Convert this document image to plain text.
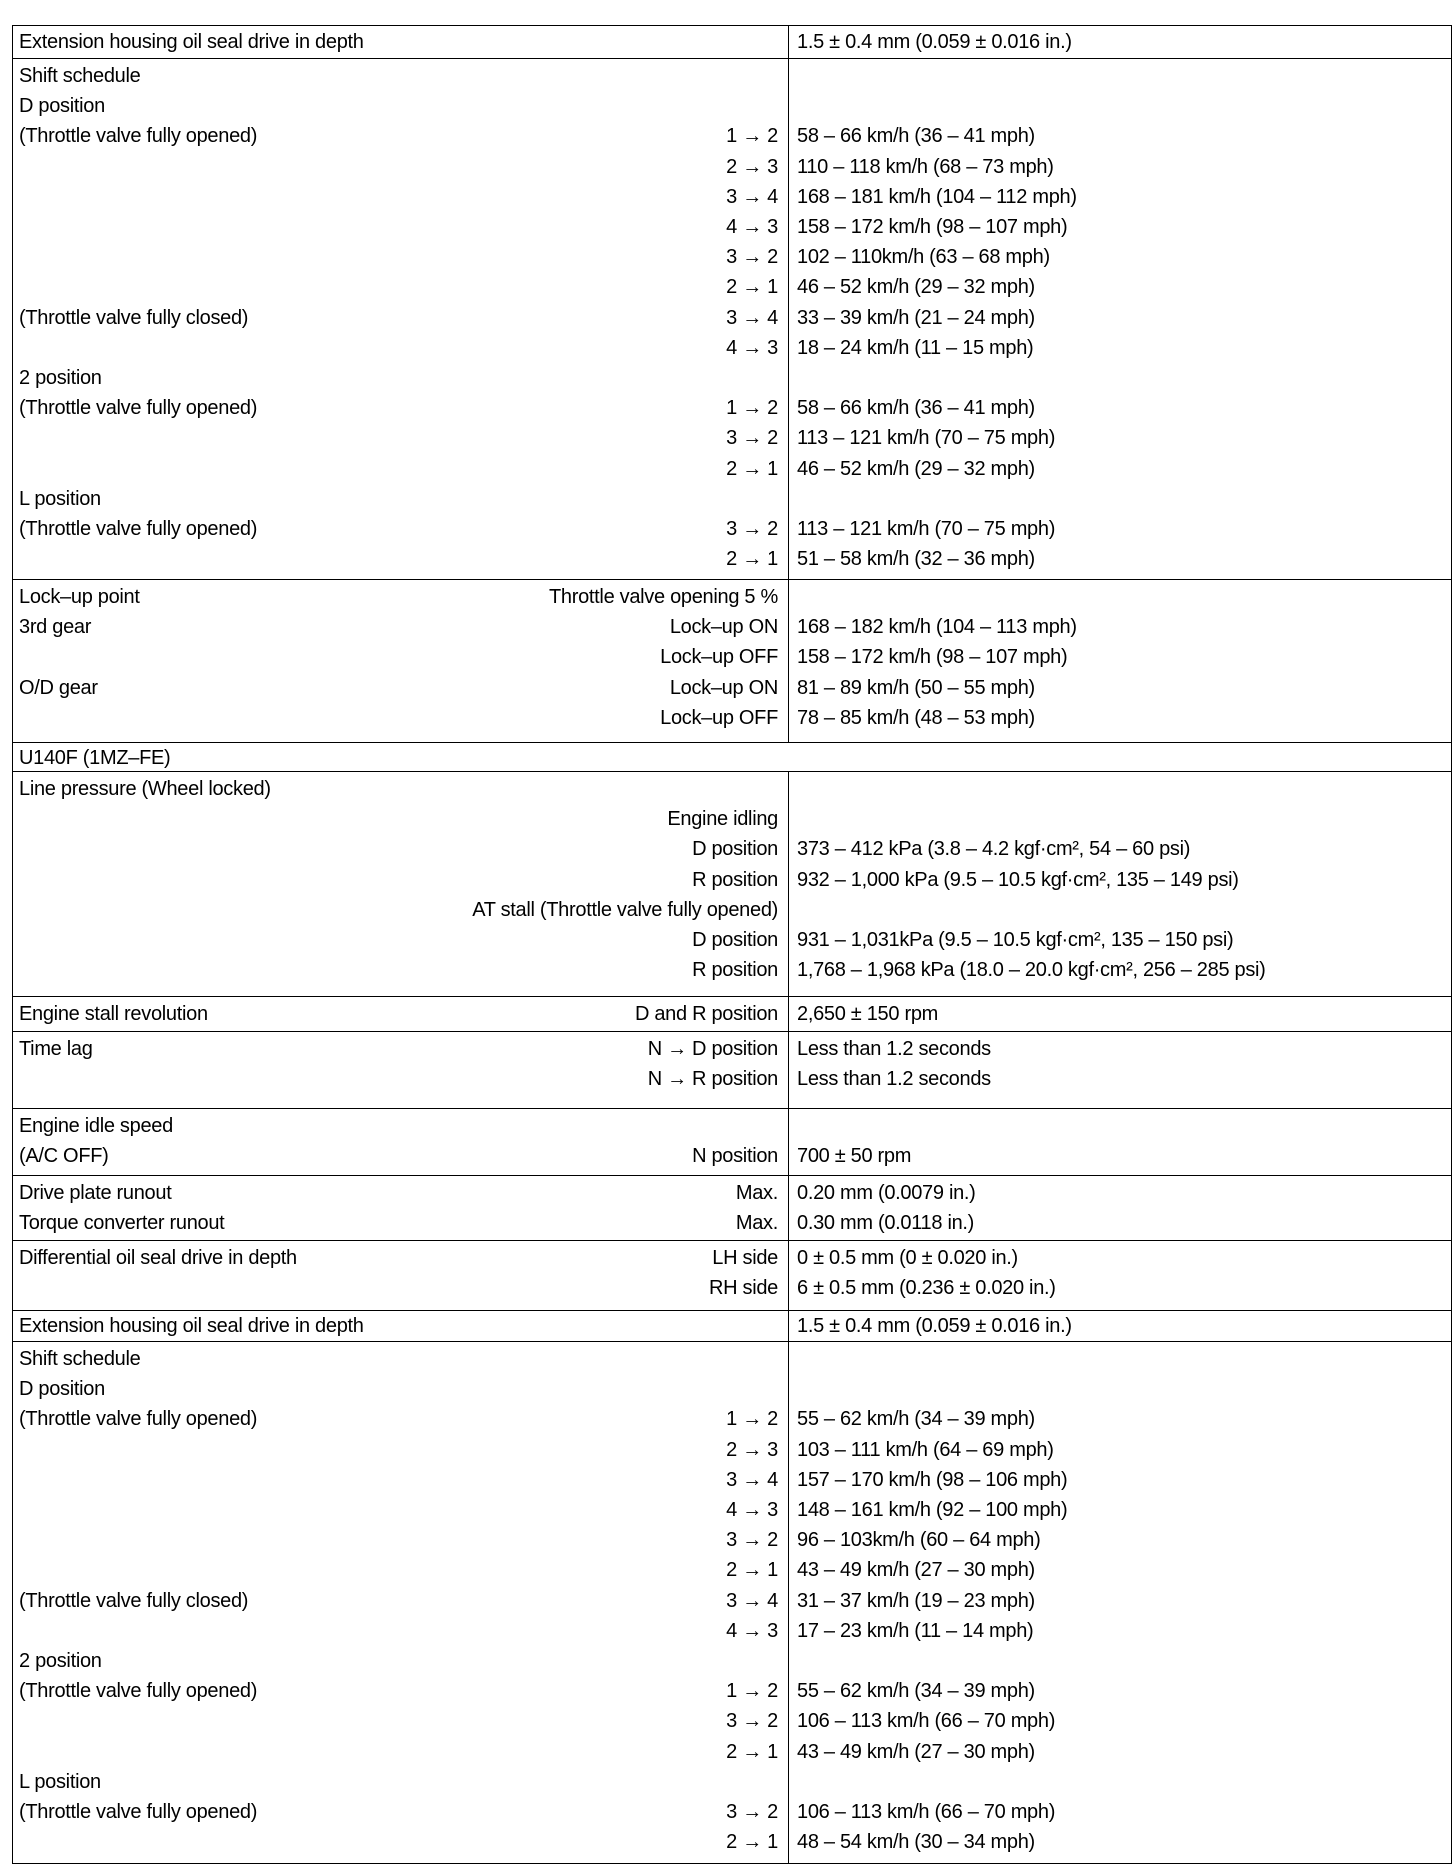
Extension housing oil seal drive in depth	1.5 ± 0.4 mm (0.059 ± 0.016 in.)
Shift schedule
D position
(Throttle valve fully opened)	1 → 2 58 – 66 km/h (36 – 41 mph)
2 → 3 110 – 118 km/h (68 – 73 mph)
3 → 4 168 – 181 km/h (104 – 112 mph)
4 → 3 158 – 172 km/h (98 – 107 mph)
3 → 2 102 – 110km/h (63 – 68 mph)
2 → 1 46 – 52 km/h (29 – 32 mph)
(Throttle valve fully closed)	3 → 4 33 – 39 km/h (21 – 24 mph)
4 → 3 18 – 24 km/h (11 – 15 mph)
2 position
(Throttle valve fully opened)	1 → 2 58 – 66 km/h (36 – 41 mph)
3 → 2 113 – 121 km/h (70 – 75 mph)
2 → 1 46 – 52 km/h (29 – 32 mph)
L position
(Throttle valve fully opened)	3 → 2 113 – 121 km/h (70 – 75 mph)
2 → 1 51 – 58 km/h (32 – 36 mph)
Lock–up point	Throttle valve opening 5 %
3rd gear	Lock–up ON 168 – 182 km/h (104 – 113 mph)
Lock–up OFF 158 – 172 km/h (98 – 107 mph)
O/D gear	Lock–up ON 81 – 89 km/h (50 – 55 mph)
Lock–up OFF 78 – 85 km/h (48 – 53 mph)
U140F (1MZ–FE)
Line pressure (Wheel locked)
Engine idling
D position 373 – 412 kPa (3.8 – 4.2 kgf·cm², 54 – 60 psi)
R position 932 – 1,000 kPa (9.5 – 10.5 kgf·cm², 135 – 149 psi)
AT stall (Throttle valve fully opened)
D position 931 – 1,031kPa (9.5 – 10.5 kgf·cm², 135 – 150 psi)
R position 1,768 – 1,968 kPa (18.0 – 20.0 kgf·cm², 256 – 285 psi)
Engine stall revolution	D and R position 2,650 ± 150 rpm
Time lag	N → D position Less than 1.2 seconds
N → R position Less than 1.2 seconds
Engine idle speed
(A/C OFF)	N position 700 ± 50 rpm
Drive plate runout	Max. 0.20 mm (0.0079 in.)
Torque converter runout	Max. 0.30 mm (0.0118 in.)
Differential oil seal drive in depth	LH side 0 ± 0.5 mm (0 ± 0.020 in.)
RH side 6 ± 0.5 mm (0.236 ± 0.020 in.)
Extension housing oil seal drive in depth	1.5 ± 0.4 mm (0.059 ± 0.016 in.)
Shift schedule
D position
(Throttle valve fully opened)	1 → 2 55 – 62 km/h (34 – 39 mph)
2 → 3 103 – 111 km/h (64 – 69 mph)
3 → 4 157 – 170 km/h (98 – 106 mph)
4 → 3 148 – 161 km/h (92 – 100 mph)
3 → 2 96 – 103km/h (60 – 64 mph)
2 → 1 43 – 49 km/h (27 – 30 mph)
(Throttle valve fully closed)	3 → 4 31 – 37 km/h (19 – 23 mph)
4 → 3 17 – 23 km/h (11 – 14 mph)
2 position
(Throttle valve fully opened)	1 → 2 55 – 62 km/h (34 – 39 mph)
3 → 2 106 – 113 km/h (66 – 70 mph)
2 → 1 43 – 49 km/h (27 – 30 mph)
L position
(Throttle valve fully opened)	3 → 2 106 – 113 km/h (66 – 70 mph)
2 → 1 48 – 54 km/h (30 – 34 mph)
